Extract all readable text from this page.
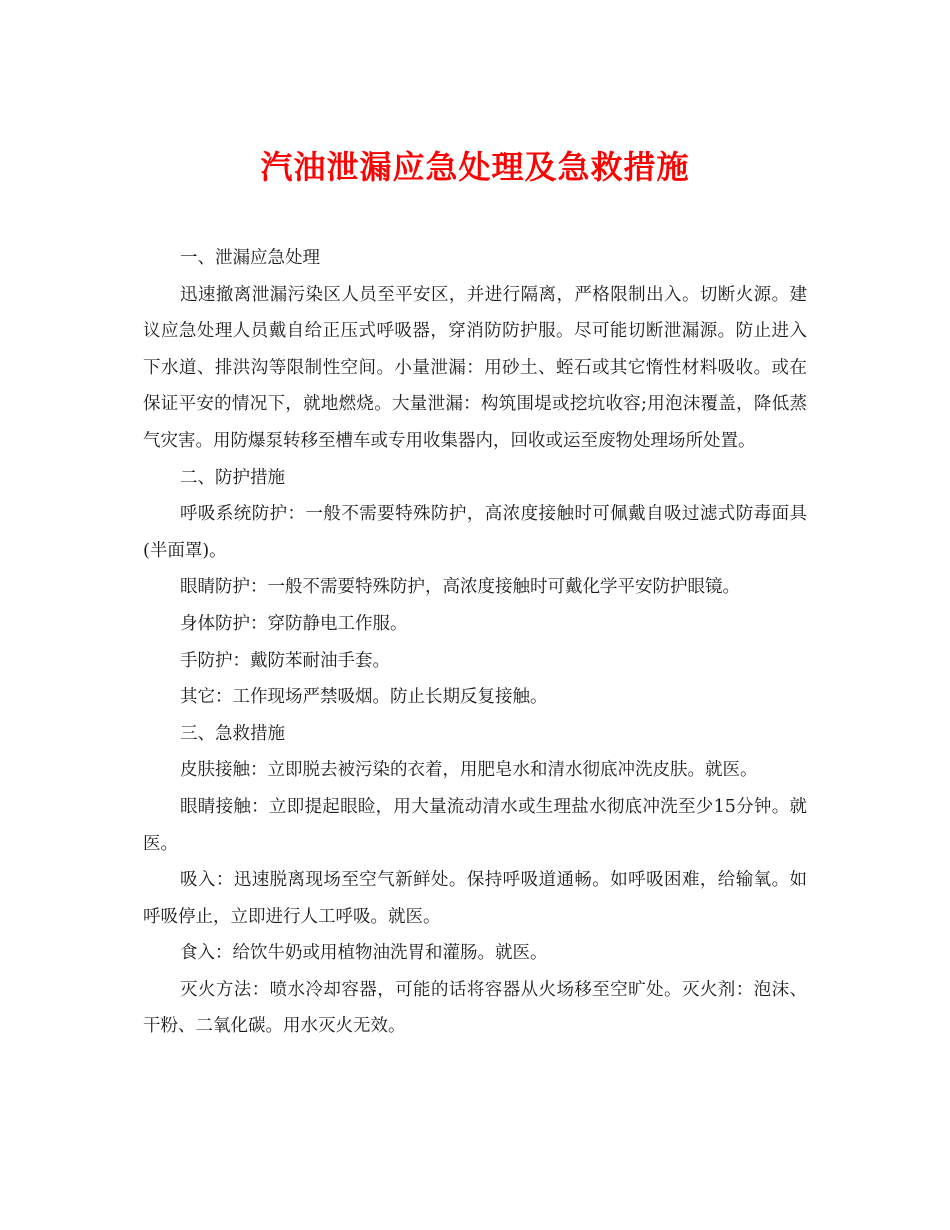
汽油泄漏应急处理及急救措施

一、泄漏应急处理

迅速撤离泄漏污染区人员至平安区，并进行隔离，严格限制出入。切断火源。建议应急处理人员戴自给正压式呼吸器，穿消防防护服。尽可能切断泄漏源。防止进入下水道、排洪沟等限制性空间。小量泄漏：用砂土、蛭石或其它惰性材料吸收。或在保证平安的情况下，就地燃烧。大量泄漏：构筑围堤或挖坑收容;用泡沫覆盖，降低蒸气灾害。用防爆泵转移至槽车或专用收集器内，回收或运至废物处理场所处置。

二、防护措施

呼吸系统防护：一般不需要特殊防护，高浓度接触时可佩戴自吸过滤式防毒面具(半面罩)。

眼睛防护：一般不需要特殊防护，高浓度接触时可戴化学平安防护眼镜。

身体防护：穿防静电工作服。

手防护：戴防苯耐油手套。

其它：工作现场严禁吸烟。防止长期反复接触。

三、急救措施

皮肤接触：立即脱去被污染的衣着，用肥皂水和清水彻底冲洗皮肤。就医。

眼睛接触：立即提起眼睑，用大量流动清水或生理盐水彻底冲洗至少15分钟。就医。

吸入：迅速脱离现场至空气新鲜处。保持呼吸道通畅。如呼吸困难，给输氧。如呼吸停止，立即进行人工呼吸。就医。

食入：给饮牛奶或用植物油洗胃和灌肠。就医。

灭火方法：喷水冷却容器，可能的话将容器从火场移至空旷处。灭火剂：泡沫、干粉、二氧化碳。用水灭火无效。
